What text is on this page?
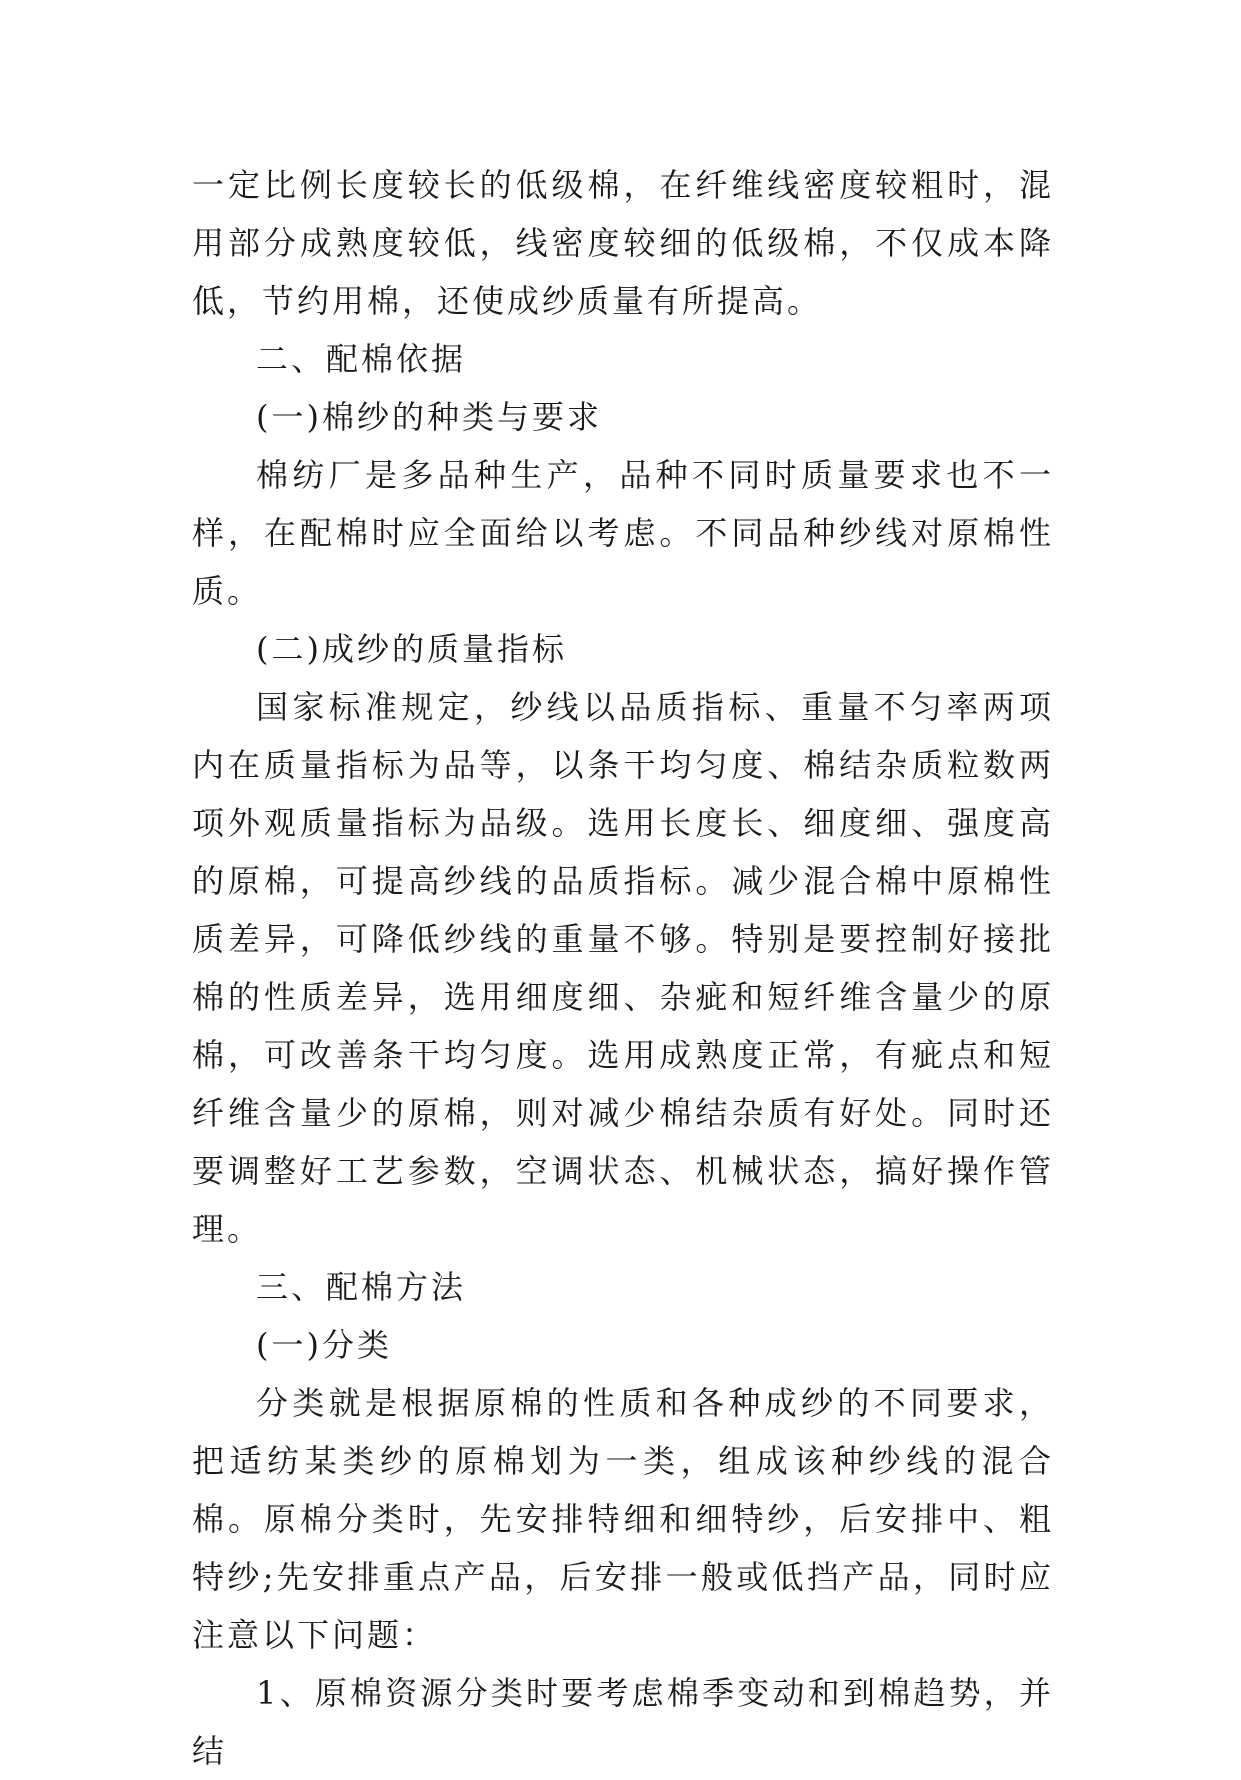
一定比例长度较长的低级棉，在纤维线密度较粗时，混用部分成熟度较低，线密度较细的低级棉，不仅成本降低，节约用棉，还使成纱质量有所提高。

二、配棉依据

(一)棉纱的种类与要求

棉纺厂是多品种生产，品种不同时质量要求也不一样，在配棉时应全面给以考虑。不同品种纱线对原棉性质。

(二)成纱的质量指标

国家标准规定，纱线以品质指标、重量不匀率两项内在质量指标为品等，以条干均匀度、棉结杂质粒数两项外观质量指标为品级。选用长度长、细度细、强度高的原棉，可提高纱线的品质指标。减少混合棉中原棉性质差异，可降低纱线的重量不够。特别是要控制好接批棉的性质差异，选用细度细、杂疵和短纤维含量少的原棉，可改善条干均匀度。选用成熟度正常，有疵点和短纤维含量少的原棉，则对减少棉结杂质有好处。同时还要调整好工艺参数，空调状态、机械状态，搞好操作管理。

三、配棉方法

(一)分类

分类就是根据原棉的性质和各种成纱的不同要求，把适纺某类纱的原棉划为一类，组成该种纱线的混合棉。原棉分类时，先安排特细和细特纱，后安排中、粗特纱;先安排重点产品，后安排一般或低挡产品，同时应注意以下问题：

1、原棉资源分类时要考虑棉季变动和到棉趋势，并结
